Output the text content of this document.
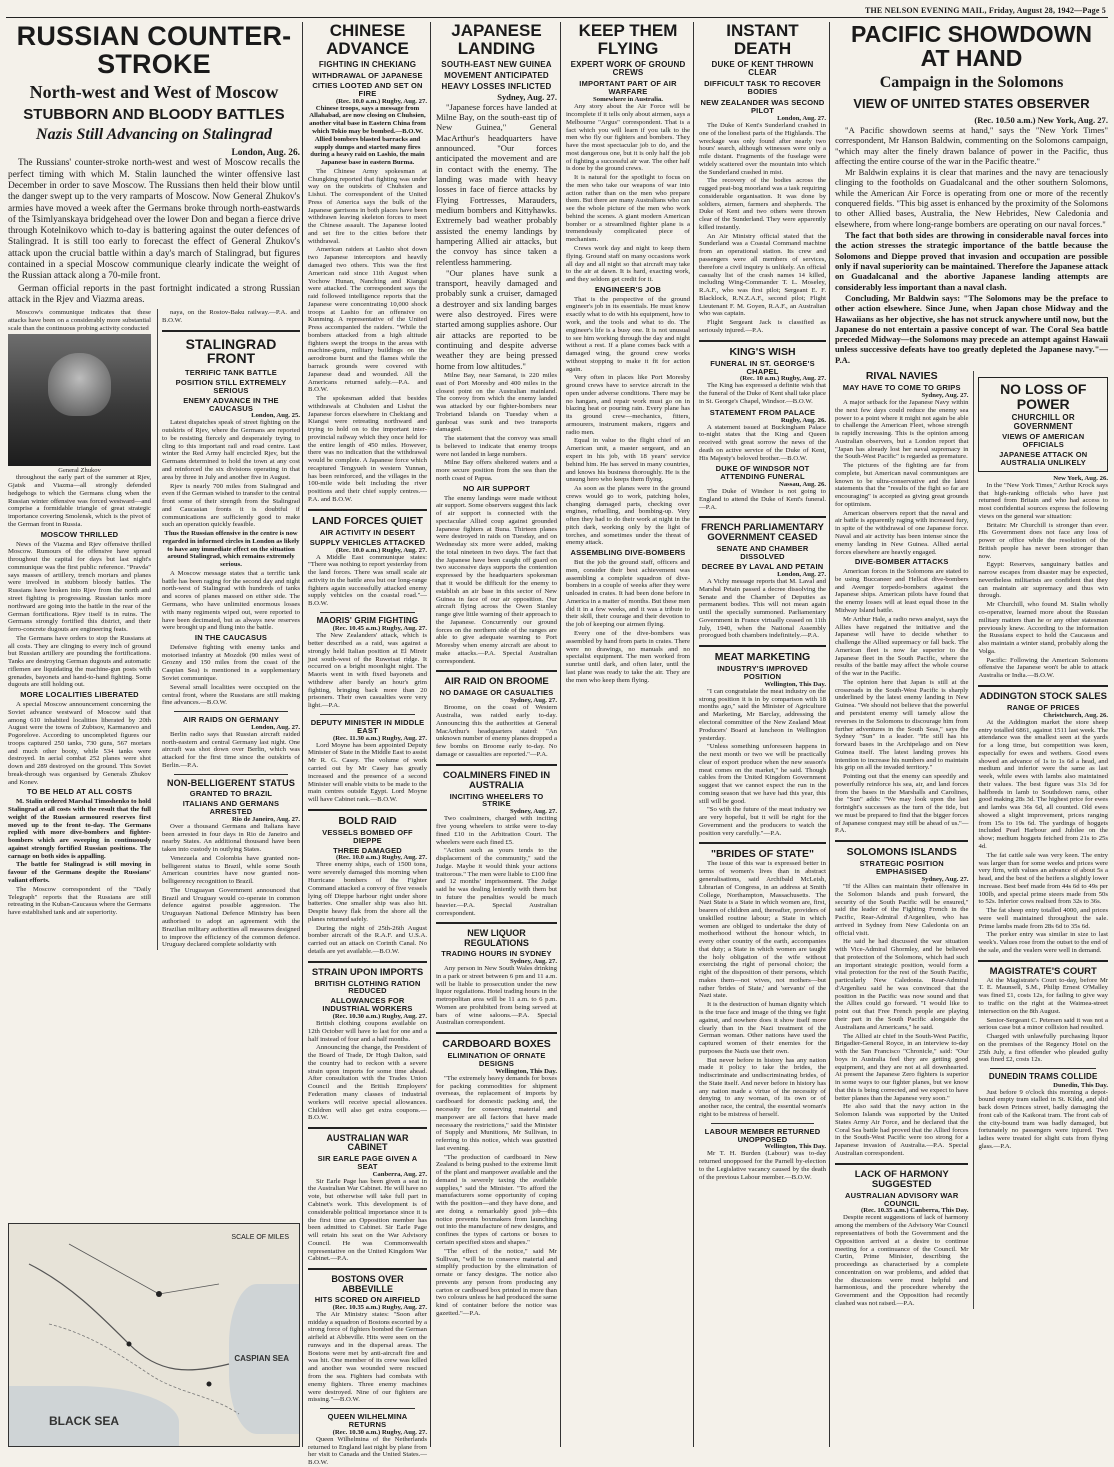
THE NELSON EVENING MAIL, Friday, August 28, 1942—Page 5
RUSSIAN COUNTER-STROKE
North-west and West of Moscow
STUBBORN AND BLOODY BATTLES
Nazis Still Advancing on Stalingrad
London, Aug. 26.

The Russians' counter-stroke north-west and west of Moscow recalls the perfect timing with which M. Stalin launched the winter offensive last December in order to save Moscow. The Russians then held their blow until the danger swept up to the very ramparts of Moscow. Now General Zhukov's armies have moved a week after the Germans broke through north-eastwards of the Tsimlyanskaya bridgehead over the lower Don and began a fierce drive through Kotelnikovo which to-day is battering against the outer defences of Stalingrad. It is still too early to forecast the effect of General Zhukov's attack upon the crucial battle within a day's march of Stalingrad, but figures contained in a special Moscow communique clearly indicate the weight of the Russian attack along a 70-mile front.

German official reports in the past fortnight indicated a strong Russian attack in the Rjev and Viazma areas.

Moscow's communique indicates that these attacks have been on a considerably more substantial scale than the continuous probing activity conducted

General Zhukov

throughout the early part of the summer at Rjev, Gjatsk and Viazma—all strongly defended hedgehogs to which the Germans clung when the Russian winter offensive was forced westward—and comprise a formidable triangle of great strategic importance covering Smolensk, which is the pivot of the German front in Russia.

MOSCOW THRILLED

News of the Viazma and Rjev offensive thrilled Moscow. Rumours of the offensive have spread throughout the capital for days but last night's communique was the first public reference. "Pravda" says masses of artillery, trench mortars and planes were involved in stubborn bloody battles. The Russians have broken into Rjev from the north and street fighting is progressing. Russian tanks more northward are going into the battle in the rear of the German fortifications. Rjev itself is in ruins. The Germans strongly fortified this district, and their ferro-concrete dugouts are engineering feats.

The Germans have orders to stop the Russians at all costs. They are clinging to every inch of ground but Russian artillery are pounding the fortifications. Tanks are destroying German dugouts and automatic riflemen are liquidating the machine-gun posts with grenades, bayonets and hand-to-hand fighting. Some dugouts are still holding out.

MORE LOCALITIES LIBERATED

A special Moscow announcement concerning the Soviet advance westward of Moscow said that among 610 inhabited localities liberated by 20th August were the towns of Zubtsov, Karmanovo and Pogorelove. According to uncompleted figures our troops captured 250 tanks, 730 guns, 567 mortars and much other booty, while 534 tanks were destroyed. In aerial combat 252 planes were shot down and 289 destroyed on the ground. This Soviet break-through was organised by Generals Zhukov and Konev.

TO BE HELD AT ALL COSTS

M. Stalin ordered Marshal Timoshenko to hold Stalingrad at all costs with the result that the full weight of the Russian armoured reserves first moved up to the front to-day. The Germans replied with more dive-bombers and fighter-bombers which are sweeping in continuously against strongly fortified Russian positions. The carnage on both sides is appalling.

The battle for Stalingrad is still moving in favour of the Germans despite the Russians' valiant efforts.

The Moscow correspondent of the "Daily Telegraph" reports that the Russians are still retreating in the Kuban-Caucasus where the Germans have established tank and air superiority.

naya, on the Rostov-Baku railway.—P.A. and B.O.W.

STALINGRAD FRONT
TERRIFIC TANK BATTLE
POSITION STILL EXTREMELY SERIOUS
ENEMY ADVANCE IN THE CAUCASUS
London, Aug. 25.

Latest dispatches speak of street fighting on the outskirts of Rjev, where the Germans are reported to be resisting fiercely and desperately trying to cling to this important rail and road centre. Last winter the Red Army half encircled Rjev, but the Germans determined to hold the town at any cost and reinforced the six divisions operating in that area by three in July and another five in August.

Rjev is nearly 700 miles from Stalingrad and even if the German wished to transfer to the central front some of their strength from the Stalingrad and Caucasian fronts it is doubtful if communications are sufficiently good to make such an operation quickly feasible.

Thus the Russian offensive in the centre is now regarded in informed circles in London as likely to have any immediate effect on the situation around Stalingrad, which remains extremely serious.

A Moscow message states that a terrific tank battle has been raging for the second day and night north-west of Stalingrad with hundreds of tanks and scores of planes massed on either side. The Germans, who have unlimited enormous losses with many regiments wiped out, were reported to have been decimated, but as always new reserves were brought up and flung into the battle.

IN THE CAUCASUS

Defensive fighting with enemy tanks and motorised infantry at Mozdok (90 miles west of Grozny and 150 miles from the coast of the Caspian Sea) is mentioned in a supplementary Soviet communique.

Several small localities were occupied on the central front, where the Russians are still making fine advances.—B.O.W.

AIR RAIDS ON GERMANY
London, Aug. 27.

Berlin radio says that Russian aircraft raided north-eastern and central Germany last night. One aircraft was shot down over Berlin, which was attacked for the first time since the outskirts of Berlin.—P.A.

NON-BELLIGERENT STATUS
GRANTED TO BRAZIL
ITALIANS AND GERMANS ARRESTED
Rio de Janeiro, Aug. 27.

Over a thousand Germans and Italians have been arrested in four days in Rio de Janeiro and nearby States. An additional thousand have been taken into custody in outlying States.

Venezuela and Colombia have granted non-belligerent status to Brazil, while some South American countries have now granted non-belligerency recognition to Brazil.

The Uruguayan Government announced that Brazil and Uruguay would co-operate in common defence against possible aggression. The Uruguayan National Defence Ministry has been authorised to adopt an agreement with the Brazilian military authorities all measures designed to improve the efficiency of the common defence. Uruguay declared complete solidarity with

SCALE OF MILES
CASPIAN SEA
BLACK SEA
CHINESE ADVANCE
FIGHTING IN CHEKIANG
WITHDRAWAL OF JAPANESE
CITIES LOOTED AND SET ON FIRE
(Rec. 10.0 a.m.) Rugby, Aug. 27.

Chinese troops, says a message from Allahabad, are now closing on Chuhsien, another vital base in Eastern China from which Tokio may be bombed.—B.O.W. Allied bombers blasted barracks and supply dumps and started many fires during a heavy raid on Lashio, the main Japanese base in eastern Burma.

The Chinese Army spokesman at Chungking reported that fighting was under way on the outskirts of Chuhsien and Lishui. The correspondent of the United Press of America says the bulk of the Japanese garrisons in both places have been withdrawn leaving skeleton forces to meet the Chinese assault. The Japanese looted and set fire to the cities before their withdrawal.

American raiders at Lashio shot down two Japanese interceptors and heavily damaged two others. This was the first American raid since 11th August when Yochow Hunan, Nanching and Kiangsi were attacked. The correspondent says the raid followed intelligence reports that the Japanese were concentrating 10,000 shock troops at Lashio for an offensive on Kunming. A representative of the United Press accompanied the raiders. "While the bombers attacked from a high altitude fighters swept the troops in the areas with machine-guns, military buildings on the aerodrome burnt and the flames while the barrack grounds were covered with Japanese dead and wounded. All the Americans returned safely.—P.A. and B.O.W.

The spokesman added that besides withdrawals at Chuhsien and Lishui the Japanese forces elsewhere in Chekiang and Kiangsi were retreating northward and trying to hold on to the important inter-provincial railway which they once held for the entire length of 450 miles. However, there was no indication that the withdrawal would be complete. A Japanese force which recaptured Tengyueh in western Yunnan, has been reinforced, and the villages in the 100-mile wide belt including the river positions and their chief supply centres.—P.A. and B.O.W.

LAND FORCES QUIET
AIR ACTIVITY IN DESERT
SUPPLY VEHICLES ATTACKED
(Rec. 10.0 a.m.) Rugby, Aug. 27.

A Middle East communique states: "There was nothing to report yesterday from the land forces. There was small scale air activity in the battle area but our long-range fighters again successfully attacked enemy supply vehicles on the coastal road."—B.O.W.

MAORIS' GRIM FIGHTING
(Rec. 10.45 a.m.) Rugby, Aug. 27.

The New Zealanders' attack, which is better described as a raid, was against a strongly held Italian position at El Mireir just south-west of the Ruweisat ridge. It occurred on a bright moonlight night. The Maoris went in with fixed bayonets and withdrew after barely an hour's grim fighting, bringing back more than 20 prisoners. Their own casualties were very light.—P.A.

DEPUTY MINISTER IN MIDDLE EAST
(Rec. 11.30 a.m.) Rugby, Aug. 27.

Lord Moyne has been appointed Deputy Minister of State in the Middle East to assist Mr R. G. Casey. The volume of work carried out by Mr Casey has greatly increased and the presence of a second Minister will enable visits to be made to the main centres outside Egypt. Lord Moyne will have Cabinet rank.—B.O.W.

BOLD RAID
VESSELS BOMBED OFF DIEPPE
THREE DAMAGED
(Rec. 10.0 a.m.) Rugby, Aug. 27.

Three enemy ships, each of 1500 tons, were severely damaged this morning when Hurricane bombers of the Fighter Command attacked a convoy of five vessels lying off Dieppe harbour right under shore batteries. One smaller ship was also hit. Despite heavy flak from the shore all the planes returned safely.

During the night of 25th-26th August bomber aircraft of the R.A.F. and U.S.A. carried out an attack on Corinth Canal. No details are yet available.—B.O.W.

STRAIN UPON IMPORTS
BRITISH CLOTHING RATION REDUCED
ALLOWANCES FOR INDUSTRIAL WORKERS
(Rec. 10.30 a.m.) Rugby, Aug. 27.

British clothing coupons available on 12th October will have to last for one and a half instead of four and a half months.

Announcing the change, the President of the Board of Trade, Dr Hugh Dalton, said the country had to reckon with a severe strain upon imports for some time ahead. After consultation with the Trades Union Council and the British Employers' Federation many classes of industrial workers will receive special allowances. Children will also get extra coupons.—B.O.W.

AUSTRALIAN WAR CABINET
SIR EARLE PAGE GIVEN A SEAT
Canberra, Aug. 27.

Sir Earle Page has been given a seat in the Australian War Cabinet. He will have no vote, but otherwise will take full part in Cabinet's work. This development is of considerable political importance since it is the first time an Opposition member has been admitted to Cabinet. Sir Earle Page will retain his seat on the War Advisory Council. He was Commonwealth representative on the United Kingdom War Cabinet.—P.A.

BOSTONS OVER ABBEVILLE
HITS SCORED ON AIRFIELD
(Rec. 10.35 a.m.) Rugby, Aug. 27.

The Air Ministry states: "Soon after midday a squadron of Bostons escorted by a strong force of fighters bombed the German airfield at Abbeville. Hits were seen on the runways and in the dispersal areas. The Bostons were met by anti-aircraft fire and was hit. One member of its crew was killed and another was wounded were rescued from the sea. Fighters had combats with enemy fighters. Three enemy machines were destroyed. Nine of our fighters are missing."—B.O.W.

QUEEN WILHELMINA RETURNS
(Rec. 10.30 a.m.) Rugby, Aug. 27.

Queen Wilhelmina of the Netherlands returned to England last night by plane from her visit to Canada and the United States.—B.O.W.

JAPANESE LANDING
SOUTH-EAST NEW GUINEA
MOVEMENT ANTICIPATED
HEAVY LOSSES INFLICTED
Sydney, Aug. 27.

"Japanese forces have landed at Milne Bay, on the south-east tip of New Guinea," General MacArthur's headquarters have announced. "Our forces anticipated the movement and are in contact with the enemy. The landing was made with heavy losses in face of fierce attacks by Flying Fortresses, Marauders, medium bombers and Kittyhawks. Extremely bad weather probably assisted the enemy landings by hampering Allied air attacks, but the convoy has since taken a relentless hammering.

"Our planes have sunk a transport, heavily damaged and probably sunk a cruiser, damaged a destroyer and six landing barges were also destroyed. Fires were started among supplies ashore. Our air attacks are reported to be continuing and despite adverse weather they are being pressed home from low altitudes."

Milne Bay, near Samarai, is 220 miles east of Port Moresby and 400 miles in the closest point on the Australian mainland. The convoy from which the enemy landed was attacked by our fighter-bombers near Trobriand Islands on Tuesday when a gunboat was sunk and two transports damaged.

The statement that the convoy was small is believed to indicate that enemy troops were not landed in large numbers.

Milne Bay offers sheltered waters and a more secure position from the sea than the north coast of Papua.

NO AIR SUPPORT

The enemy landings were made without air support. Some observers suggest this lack of air support is connected with the spectacular Allied coup against grounded Japanese fighters at Buna. Thirteen planes were destroyed in raids on Tuesday, and on Wednesday six more were added, making the total nineteen in two days. The fact that the Japanese have been caught off guard on two successive days supports the contention expressed by the headquarters spokesman that it would be difficult for the enemy to establish an air base in this sector of New Guinea in face of our air opposition. Our aircraft flying across the Owen Stanley range give little warning of their approach to the Japanese. Concurrently our ground forces on the northern side of the ranges are able to give adequate warning to Port Moresby when enemy aircraft are about to make attacks.—P.A. Special Australian correspondent.

AIR RAID ON BROOME
NO DAMAGE OR CASUALTIES
Sydney, Aug. 27.

Broome, on the coast of Western Australia, was raided early to-day. Announcing this the authorities at General MacArthur's headquarters stated: "An unknown number of enemy planes dropped a few bombs on Broome early to-day. No damage or casualties are reported."—P.A.

COALMINERS FINED IN AUSTRALIA
INCITING WHEELERS TO STRIKE
Sydney, Aug. 27.

Two coalminers, charged with inciting five young wheelers to strike were to-day fined £10 in the Arbitration Court. The wheelers were each fined £5.

"Action such as yours tends to the displacement of the community," said the Judge. Maybe it would think your actions traitorous." The men were liable to £100 fine and 12 months' imprisonment. The Judge said he was dealing leniently with them but in future the penalties would be much heavier.—P.A. Special Australian correspondent.

NEW LIQUOR REGULATIONS
TRADING HOURS IN SYDNEY
Sydney, Aug. 27.

Any person in New South Wales drinking in a park or street between 6 pm and 11 a.m. will be liable to prosecution under the new liquor regulations. Hotel trading hours in the metropolitan area will be 11 a.m. to 6 p.m. Women are prohibited from being served at bars of wine saloons.—P.A. Special Australian correspondent.

CARDBOARD BOXES
ELIMINATION OF ORNATE DESIGNS
Wellington, This Day.

"The extremely heavy demands for boxes for packing commodities for shipment overseas, the replacement of imports by cardboard for domestic packing and, the necessity for conserving material and manpower are all factors that have made necessary the restrictions," said the Minister of Supply and Munitions, Mr Sullivan, in referring to this notice, which was gazetted last evening.

"The production of cardboard in New Zealand is being pushed to the extreme limit of the plant and manpower available and the demand is severely taxing the available supplies," said the Minister. "To afford the manufacturers some opportunity of coping with the position—and they have done, and are doing a remarkably good job—this notice prevents boxmakers from launching out into the manufacture of new designs, and confines the types of cartons or boxes to certain specified sizes and shapes."

"The effect of the notice," said Mr Sullivan, "will be to conserve material and simplify production by the elimination of ornate or fancy designs. The notice also prevents any person from producing any carton or cardboard box printed in more than two colours unless he had produced the same kind of container before the notice was gazetted."—P.A.

KEEP THEM FLYING
EXPERT WORK OF GROUND CREWS
IMPORTANT PART OF AIR WARFARE
Somewhere in Australia.

Any story about the Air Force will be incomplete if it tells only about airmen, says a Melbourne "Argus" correspondent. That is a fact which you will learn if you talk to the men who fly our fighters and bombers. They have the most spectacular job to do, and the most dangerous one, but it is only half the job of fighting a successful air war. The other half is done by the ground crews.

It is natural for the spotlight to focus on the men who take our weapons of war into action rather than on the men who prepare them. But there are many Australians who can see the whole picture of the men who work behind the scenes. A giant modern American bomber or a streamlined fighter plane is a tremendously complicated piece of mechanism.

Crews work day and night to keep them flying. Ground staff on many occasions work all day and all night so that aircraft may take to the air at dawn. It is hard, exacting work, and they seldom get credit for it.

ENGINEER'S JOB

That is the perspective of the ground engineer's job in its essentials. He must know exactly what to do with his equipment, how to work, and the tools and what to do. The engineer's life is a busy one. It is not unusual to see him working through the day and night without a rest. If a plane comes back with a damaged wing, the ground crew works without stopping to make it fit for action again.

Very often in places like Port Moresby ground crews have to service aircraft in the open under adverse conditions. There may be no hangars, and repair work must go on in blazing heat or pouring rain. Every plane has its ground crew—mechanics, fitters, armourers, instrument makers, riggers and radio men.

Equal in value to the flight chief of an American unit, a master sergeant, and an expert in his job, with 18 years' service behind him. He has served in many countries, and knows his business thoroughly. He is the unsung hero who keeps them flying.

As soon as the planes were in the ground crews would go to work, patching holes, changing damaged parts, checking over engines, refuelling, and bombing-up. Very often they had to do their work at night in the pitch dark, working only by the light of torches, and sometimes under the threat of enemy attack.

ASSEMBLING DIVE-BOMBERS

But the job the ground staff, officers and men, consider their best achievement was assembling a complete squadron of dive-bombers in a couple of weeks after they were unloaded in crates. It had been done before in America in a matter of months. But these men did it in a few weeks, and it was a tribute to their skill, their courage and their devotion to the job of keeping our airmen flying.

Every one of the dive-bombers was assembled by hand from parts in crates. There were no drawings, no manuals and no specialist equipment. The men worked from sunrise until dark, and often later, until the last plane was ready to take the air. They are the men who keep them flying.

INSTANT DEATH
DUKE OF KENT THROWN CLEAR
DIFFICULT TASK TO RECOVER BODIES
NEW ZEALANDER WAS SECOND PILOT
London, Aug. 27.

The Duke of Kent's Sunderland crashed in one of the loneliest parts of the Highlands. The wreckage was only found after nearly two hours' search, although witnesses were only a mile distant. Fragments of the fuselage were widely scattered over the mountain into which the Sunderland crashed in mist.

The recovery of the bodies across the rugged peat-bog moorland was a task requiring considerable organisation. It was done by soldiers, airmen, farmers and shepherds. The Duke of Kent and two others were thrown clear of the Sunderland. They were apparently killed instantly.

An Air Ministry official stated that the Sunderland was a Coastal Command machine from an operational station. Its crew and passengers were all members of services, therefore a civil inquiry is unlikely. An official casualty list of the crash names 14 killed, including Wing-Commander T. L. Moseley, R.A.F., who was first pilot; Sergeant E. F. Blacklock, R.N.Z.A.F., second pilot; Flight Lieutenant F. M. Goyen, R.A.F., an Australian who was captain.

Flight Sergeant Jack is classified as seriously injured.—P.A.

KING'S WISH
FUNERAL IN ST. GEORGE'S CHAPEL
(Rec. 10 a.m.) Rugby, Aug. 27.

The King has expressed a definite wish that the funeral of the Duke of Kent shall take place in St. George's Chapel, Windsor.—B.O.W.

STATEMENT FROM PALACE
Rugby, Aug. 26.

A statement issued at Buckingham Palace to-night states that the King and Queen received with great sorrow the news of the death on active service of the Duke of Kent, His Majesty's beloved brother.—B.O.W.

DUKE OF WINDSOR NOT ATTENDING FUNERAL
Nassau, Aug. 26.

The Duke of Windsor is not going to England to attend the Duke of Kent's funeral.—P.A.

FRENCH PARLIAMENTARY GOVERNMENT CEASED
SENATE AND CHAMBER DISSOLVED
DECREE BY LAVAL AND PETAIN
London, Aug. 27.

A Vichy message reports that M. Laval and Marshal Petain passed a decree dissolving the Senate and the Chamber of Deputies as permanent bodies. This will not mean again until the specially summoned. Parliamentary Government in France virtually ceased on 11th July, 1940, when the National Assembly prorogued both chambers indefinitely.—P.A.

MEAT MARKETING
INDUSTRY'S IMPROVED POSITION
Wellington, This Day.

"I can congratulate the meat industry on the strong position it is in by comparison with 18 months ago," said the Minister of Agriculture and Marketing, Mr Barclay, addressing the electoral committee of the New Zealand Meat Producers' Board at luncheon in Wellington yesterday.

"Unless something unforeseen happens in the next month or two we will be practically clear of export produce when the new season's meat comes on the market," he said. Though cables from the United Kingdom Government suggest that we cannot expect the run in the coming season that we have had this year, this still will be good.

"So with the future of the meat industry we are very hopeful, but it will be right for the Government and the producers to watch the position very carefully."—P.A.

"BRIDES OF STATE"

The issue of this war is expressed better in terms of women's lives than in abstract generalisations, said Archibald McLeish, Librarian of Congress, in an address at Smith College, Northampton, Massachusetts. The Nazi State is a State in which women are, first, bearers of children and, thereafter, providers of unskilled routine labour; a State in which women are obliged to undertake the duty of motherhood without the honour which, in every other country of the earth, accompanies that duty; a State in which women are taught the holy obligation of the wife without exercising the right of personal choice; the right of the disposition of their persons, which makes them—not wives, not mothers—but rather 'brides of State,' and 'servants' of the Nazi state.

It is the destruction of human dignity which is the true face and image of the thing we fight against, and nowhere does it show itself more clearly than in the Nazi treatment of the German woman. Other nations have used the captured women of their enemies for the purposes the Nazis use their own.

But never before in history has any nation made it policy to take the brides, the indiscriminate and undiscriminating brides, of the State itself. And never before in history has any nation made a virtue of the necessity of denying to any woman, of its own or of another race, the central, the essential woman's right to be mistress of herself.

LABOUR MEMBER RETURNED UNOPPOSED
Wellington, This Day.

Mr T. H. Burden (Labour) was to-day returned unopposed for the Parnell by-election to the Legislative vacancy caused by the death of the previous Labour member.—B.O.W.

PACIFIC SHOWDOWN AT HAND
Campaign in the Solomons
VIEW OF UNITED STATES OBSERVER
(Rec. 10.50 a.m.) New York, Aug. 27.

"A Pacific showdown seems at hand," says the "New York Times" correspondent, Mr Hanson Baldwin, commenting on the Solomons campaign, "which may alter the finely drawn balance of power in the Pacific, thus affecting the entire course of the war in the Pacific theatre."

Mr Baldwin explains it is clear that marines and the navy are tenaciously clinging to the footholds on Guadalcanal and the other southern Solomons, while the American Air Force is operating from one or more of the recently conquered fields. "This big asset is enhanced by the proximity of the Solomons to other Allied bases, Australia, the New Hebrides, New Caledonia and elsewhere, from where long-range bombers are operating on our naval forces."

The fact that both sides are throwing in considerable naval forces into the action stresses the strategic importance of the battle because the Solomons and Dieppe proved that invasion and occupation are possible only if naval superiority can be maintained. Therefore the Japanese attack on Guadalcanal and the abortive Japanese landing attempts are considerably less important than a naval clash.

Concluding, Mr Baldwin says: "The Solomons may be the preface to other action elsewhere. Since June, when Japan chose Midway and the Hawaiians as her objective, she has not struck anywhere until now, but the Japanese do not entertain a passive concept of war. The Coral Sea battle preceded Midway—the Solomons may precede an attempt against Hawaii unless successive defeats have too greatly depleted the Japanese navy."—P.A.

RIVAL NAVIES
MAY HAVE TO COME TO GRIPS
Sydney, Aug. 27.

A major setback for the Japanese Navy within the next few days could reduce the enemy sea power to a point where it might not again be able to challenge the American Fleet, whose strength is rapidly increasing. This is the opinion among Australian observers, but a London report that "Japan has already lost her naval supremacy in the South-West Pacific" is regarded as premature.

The pictures of the fighting are far from complete, but American naval communiques are known to be ultra-conservative and the latest statements that the "results of the fight so far are encouraging" is accepted as giving great grounds for optimism.

American observers report that the naval and air battle is apparently raging with increased fury, in spite of the withdrawal of one Japanese force. Naval and air activity has been intense since the enemy landing in New Guinea. Allied aerial forces elsewhere are heavily engaged.

DIVE-BOMBER ATTACKS

American forces in the Solomons are stated to be using Buccaneer and Hellcat dive-bombers and Avenger torpedo-bombers against the Japanese ships. American pilots have found that the enemy losses will at least equal those in the Midway Island battle.

Mr Arthur Hale, a radio news analyst, says the Allies have regained the initiative and the Japanese will have to decide whether to challenge the Allied supremacy or fall back. The American fleet is now far superior to the Japanese fleet in the South Pacific, where the results of the battle may affect the whole course of the war in the Pacific.

The opinion here that Japan is still at the crossroads in the South-West Pacific is sharply underlined by the latest enemy landing in New Guinea. "We should not believe that the powerful and persistent enemy will tamely allow the reverses in the Solomons to discourage him from further adventures in the South Seas," says the Sydney "Sun" in a leader. "He still has his forward bases in the Archipelago and on New Guinea itself. The latest landing proves his intention to increase his numbers and to maintain his grip on all the invaded territory."

Pointing out that the enemy can speedily and powerfully reinforce his sea, air, and land forces from the bases in the Marshalls and Carolines, the "Sun" adds: "We may look upon the last fortnight's successes as the turn of the tide, but we must be prepared to find that the bigger forces of Japanese conquest may still be ahead of us."—P.A.

SOLOMONS ISLANDS
STRATEGIC POSITION EMPHASISED
Sydney, Aug. 27.

"If the Allies can maintain their offensive in the Solomon Islands and push forward, the security of the South Pacific will be ensured," said the leader of the Fighting French in the Pacific, Rear-Admiral d'Argenlieu, who has arrived in Sydney from New Caledonia on an official visit.

He said he had discussed the war situation with Vice-Admiral Ghormley, and he believed that protection of the Solomons, which had such an important strategic position, would form a vital protection for the rest of the South Pacific, particularly New Caledonia. Rear-Admiral d'Argenlieu said he was convinced that the position in the Pacific was now sound and that the Allies could go forward. "I would like to point out that Free French people are playing their part in the South Pacific alongside the Australians and Americans," he said.

The Allied air chief in the South-West Pacific, Brigadier-General Royce, in an interview to-day with the San Francisco "Chronicle," said: "Our boys in Australia feel they are getting good equipment, and they are not at all downhearted. At present the Japanese Zero fighters is superior in some ways to our fighter planes, but we know that this is being corrected, and we expect to have better planes than the Japanese very soon."

He also said that the navy action in the Solomon Islands was supported by the United States Army Air Force, and he declared that the Coral Sea battle had proved that the Allied forces in the South-West Pacific were too strong for a Japanese invasion of Australia.—P.A. Special Australian correspondent.

LACK OF HARMONY SUGGESTED
AUSTRALIAN ADVISORY WAR COUNCIL
(Rec. 10.35 a.m.) Canberra, This Day.

Despite recent suggestions of lack of harmony among the members of the Advisory War Council representatives of both the Government and the Opposition arrived at a desire to continue meeting for a continuance of the Council. Mr Curtin, Prime Minister, describing the proceedings as characterised by a complete concentration on war problems, and added that the discussions were most helpful and harmonious, and the procedure whereby the Government and the Opposition had recently clashed was not raised.—P.A.

NO LOSS OF POWER
CHURCHILL OR GOVERNMENT
VIEWS OF AMERICAN OFFICIALS
JAPANESE ATTACK ON AUSTRALIA UNLIKELY
New York, Aug. 26.

In the "New York Times," Arthur Krock says that high-ranking officials who have just returned from Britain and who had access to most confidential sources express the following views on the general war situation:

Britain: Mr Churchill is stronger than ever. His Government does not face any loss of power or office while the resolution of the British people has never been stronger than now.

Egypt: Reserves, sanguinary battles and narrow escapes from disaster may be expected, nevertheless militarists are confident that they can maintain air supremacy and thus win through.

Mr Churchill, who found M. Stalin wholly co-operative, learned more about the Russian military matters than he or any other statesman previously knew. According to the information the Russians expect to hold the Caucasus and also maintain a winter stand, probably along the Volga.

Pacific: Following the American Solomons offensive the Japanese won't be able to attack Australia or India.—B.O.W.

ADDINGTON STOCK SALES
RANGE OF PRICES
Christchurch, Aug. 26.

At the Addington market the store sheep entry totalled 6861, against 1511 last week. The attendance was the smallest seen at the yards for a long time, but competition was keen, especially for ewes and wethers. Good ewes showed an advance of 1s to 1s 6d a head, and medium and inferior were the same as last week, while ewes with lambs also maintained their values. The best figure was 31s 3d for halfbreds in lamb to Southdown rams, other good making 28s 3d. The highest price for ewes and lambs was 36s 6d, all counted. Old ewes showed a slight improvement, prices ranging from 15s to 19s 6d. The yardings of hoggets included Pearl Harbour and Jubilee on the show; medium hoggets fetched from 21s to 25s 4d.

The fat cattle sale was very keen. The entry was larger than for some weeks and prices were very firm, with values an advance of about 5s a head, and the best of the heifers a slightly lower increase. Best beef made from 44s 6d to 49s per 100lb, and special prime steers made from 50s to 52s. Inferior cows realised from 32s to 36s.

The fat sheep entry totalled 4000, and prices were well maintained throughout the sale. Prime lambs made from 28s 6d to 35s 6d.

The porker entry was similar in size to last week's. Values rose from the outset to the end of the sale, and the vealers were well in demand.

MAGISTRATE'S COURT

At the Magistrate's Court to-day, before Mr T. E. Maunsell, S.M., Philip Ernest O'Malley was fined £1, costs 12s, for failing to give way to traffic on the right at the Waimea-street intersection on the 8th August.

Senior-Sergeant C. Petersen said it was not a serious case but a minor collision had resulted.

Charged with unlawfully purchasing liquor on the premises of the Regency Hotel on the 25th July, a first offender who pleaded guilty was fined £2, costs 12s.

DUNEDIN TRAMS COLLIDE
Dunedin, This Day.

Just before 9 o'clock this morning a depot-bound empty tram stalled in St. Kilda, and slid back down Princes street, badly damaging the front cab of the Kaikorai tram. The front cab of the city-bound tram was badly damaged, but fortunately no passengers were injured. Two ladies were treated for slight cuts from flying glass.—P.A.
